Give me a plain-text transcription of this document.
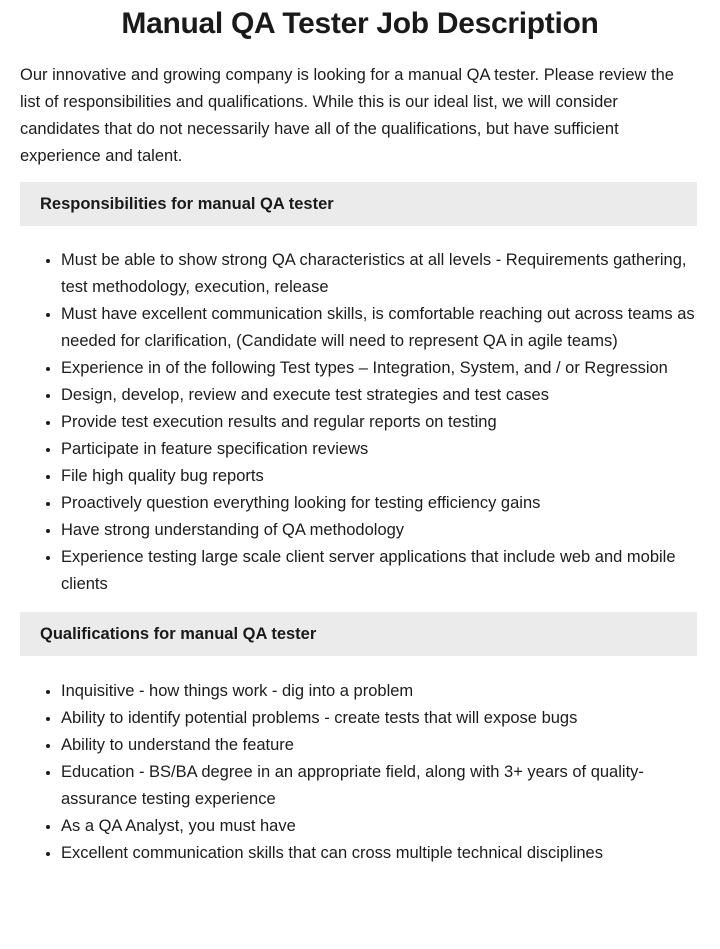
Manual QA Tester Job Description

Our innovative and growing company is looking for a manual QA tester. Please review the list of responsibilities and qualifications. While this is our ideal list, we will consider candidates that do not necessarily have all of the qualifications, but have sufficient experience and talent.

Responsibilities for manual QA tester
• Must be able to show strong QA characteristics at all levels - Requirements gathering, test methodology, execution, release
• Must have excellent communication skills, is comfortable reaching out across teams as needed for clarification, (Candidate will need to represent QA in agile teams)
• Experience in of the following Test types – Integration, System, and / or Regression
• Design, develop, review and execute test strategies and test cases
• Provide test execution results and regular reports on testing
• Participate in feature specification reviews
• File high quality bug reports
• Proactively question everything looking for testing efficiency gains
• Have strong understanding of QA methodology
• Experience testing large scale client server applications that include web and mobile clients
Qualifications for manual QA tester
• Inquisitive - how things work - dig into a problem
• Ability to identify potential problems - create tests that will expose bugs
• Ability to understand the feature
• Education - BS/BA degree in an appropriate field, along with 3+ years of quality-assurance testing experience
• As a QA Analyst, you must have
• Excellent communication skills that can cross multiple technical disciplines
